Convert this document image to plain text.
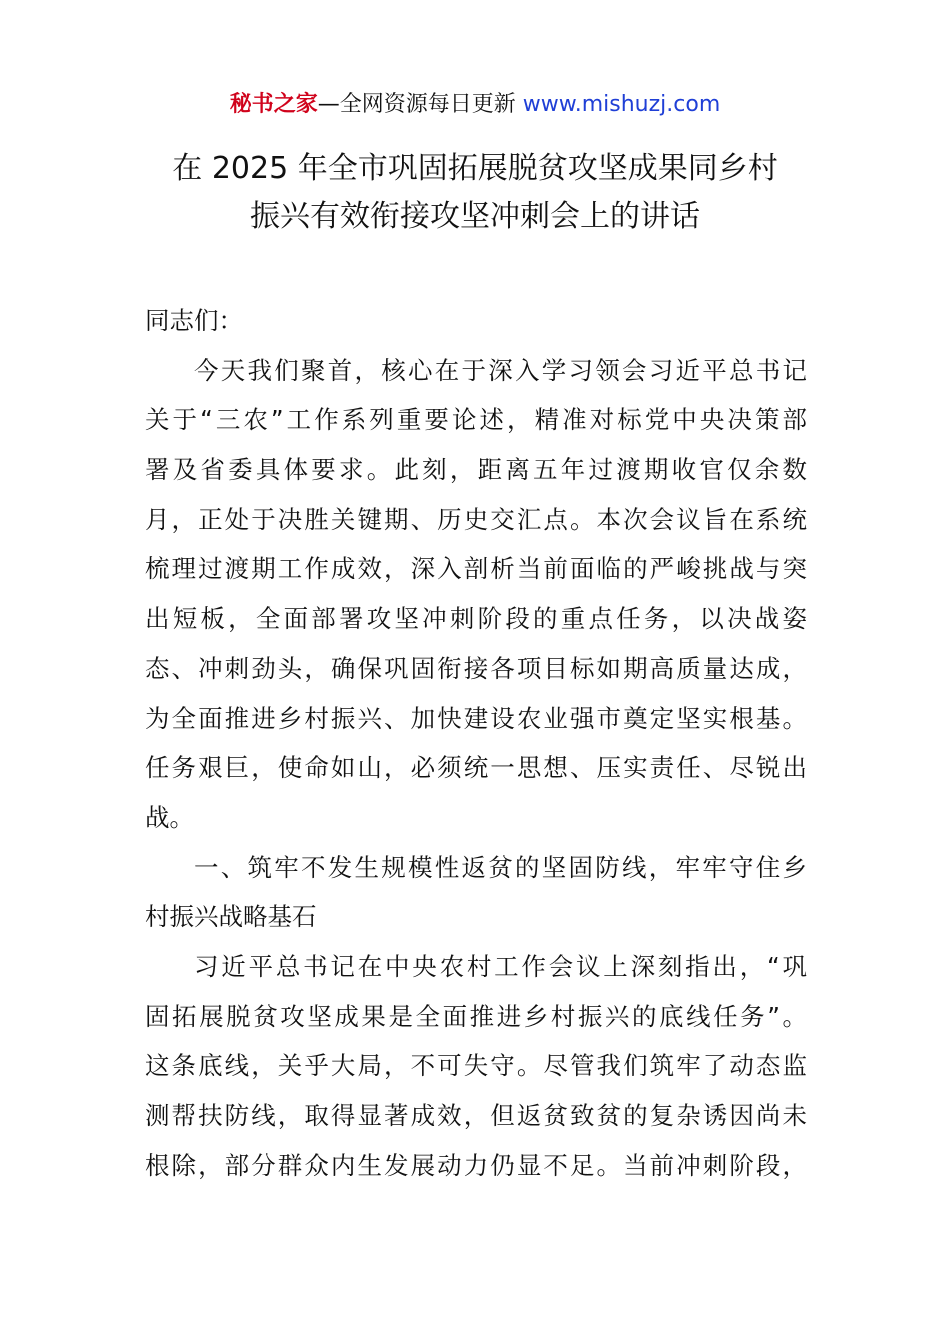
秘书之家—全网资源每日更新 www.mishuzj.com
在 2025 年全市巩固拓展脱贫攻坚成果同乡村
振兴有效衔接攻坚冲刺会上的讲话
同志们：
今天我们聚首，核心在于深入学习领会习近平总书记
关于“三农”工作系列重要论述，精准对标党中央决策部
署及省委具体要求。此刻，距离五年过渡期收官仅余数
月，正处于决胜关键期、历史交汇点。本次会议旨在系统
梳理过渡期工作成效，深入剖析当前面临的严峻挑战与突
出短板，全面部署攻坚冲刺阶段的重点任务，以决战姿
态、冲刺劲头，确保巩固衔接各项目标如期高质量达成，
为全面推进乡村振兴、加快建设农业强市奠定坚实根基。
任务艰巨，使命如山，必须统一思想、压实责任、尽锐出
战。
一、筑牢不发生规模性返贫的坚固防线，牢牢守住乡
村振兴战略基石
习近平总书记在中央农村工作会议上深刻指出，“巩
固拓展脱贫攻坚成果是全面推进乡村振兴的底线任务”。
这条底线，关乎大局，不可失守。尽管我们筑牢了动态监
测帮扶防线，取得显著成效，但返贫致贫的复杂诱因尚未
根除，部分群众内生发展动力仍显不足。当前冲刺阶段，
